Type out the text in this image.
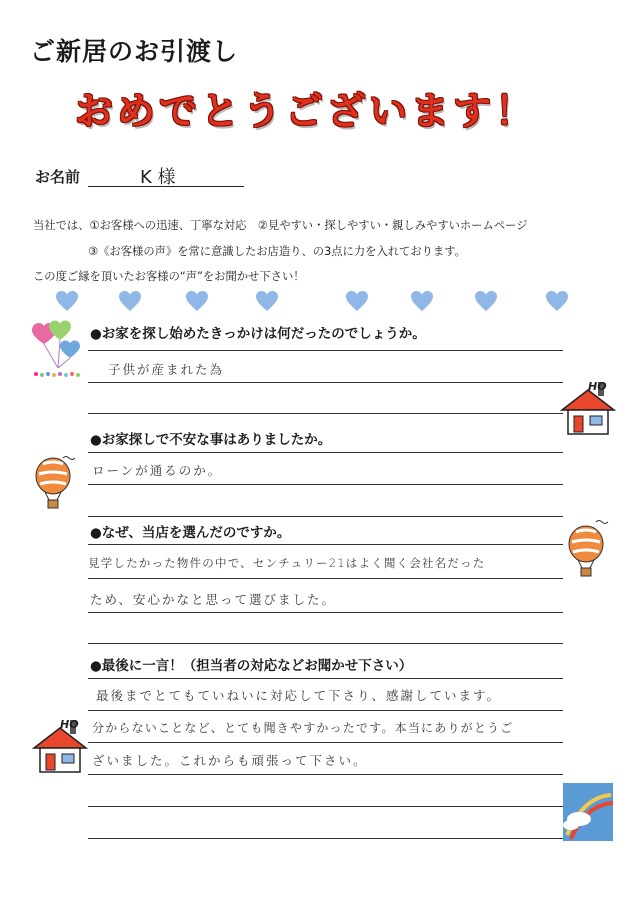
ご新居のお引渡し
おめでとうございます！
お名前	K 様
当社では、①お客様への迅速、丁寧な対応　②見やすい・探しやすい・親しみやすいホームページ
③《お客様の声》を常に意識したお店造り、の3点に力を入れております。
この度ご縁を頂いたお客様の“声”をお聞かせ下さい！
●お家を探し始めたきっかけは何だったのでしょうか。
子供が産まれた為
HO
●お家探しで不安な事はありましたか。
ローンが通るのか。
●なぜ、当店を選んだのですか。
見学したかった物件の中で、センチュリー21はよく聞く会社名だった
ため、安心かなと思って選びました。
●最後に一言！（担当者の対応などお聞かせ下さい）
最後までとてもていねいに対応して下さり、感謝しています。
分からないことなど、とても聞きやすかったです。本当にありがとうご
ざいました。これからも頑張って下さい。
HO
